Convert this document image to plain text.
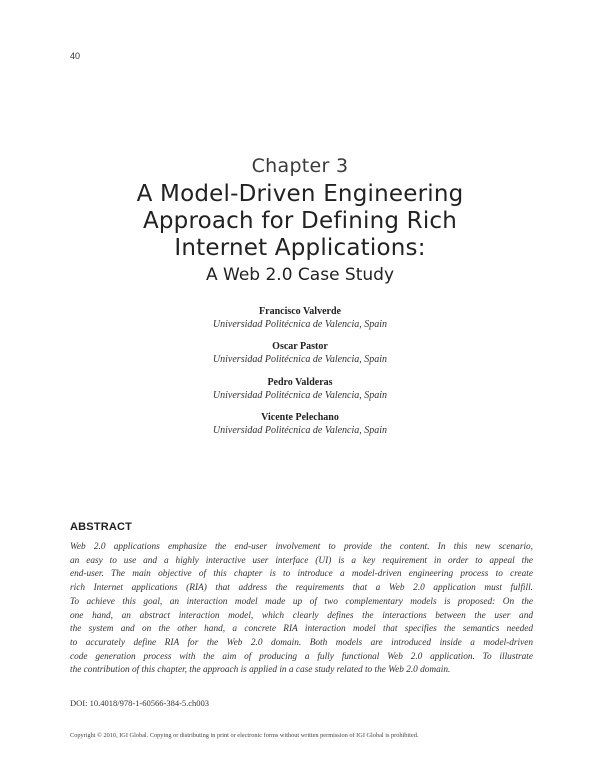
40
Chapter 3
A Model-Driven Engineering
Approach for Defining Rich
Internet Applications:
A Web 2.0 Case Study
Francisco Valverde
Universidad Politécnica de Valencia, Spain
Oscar Pastor
Universidad Politécnica de Valencia, Spain
Pedro Valderas
Universidad Politécnica de Valencia, Spain
Vicente Pelechano
Universidad Politécnica de Valencia, Spain
ABSTRACT
Web 2.0 applications emphasize the end-user involvement to provide the content. In this new scenario,
an easy to use and a highly interactive user interface (UI) is a key requirement in order to appeal the
end-user. The main objective of this chapter is to introduce a model-driven engineering process to create
rich Internet applications (RIA) that address the requirements that a Web 2.0 application must fulfill.
To achieve this goal, an interaction model made up of two complementary models is proposed: On the
one hand, an abstract interaction model, which clearly defines the interactions between the user and
the system and on the other hand, a concrete RIA interaction model that specifies the semantics needed
to accurately define RIA for the Web 2.0 domain. Both models are introduced inside a model-driven
code generation process with the aim of producing a fully functional Web 2.0 application. To illustrate
the contribution of this chapter, the approach is applied in a case study related to the Web 2.0 domain.
DOI: 10.4018/978-1-60566-384-5.ch003
Copyright © 2010, IGI Global. Copying or distributing in print or electronic forms without written permission of IGI Global is prohibited.
